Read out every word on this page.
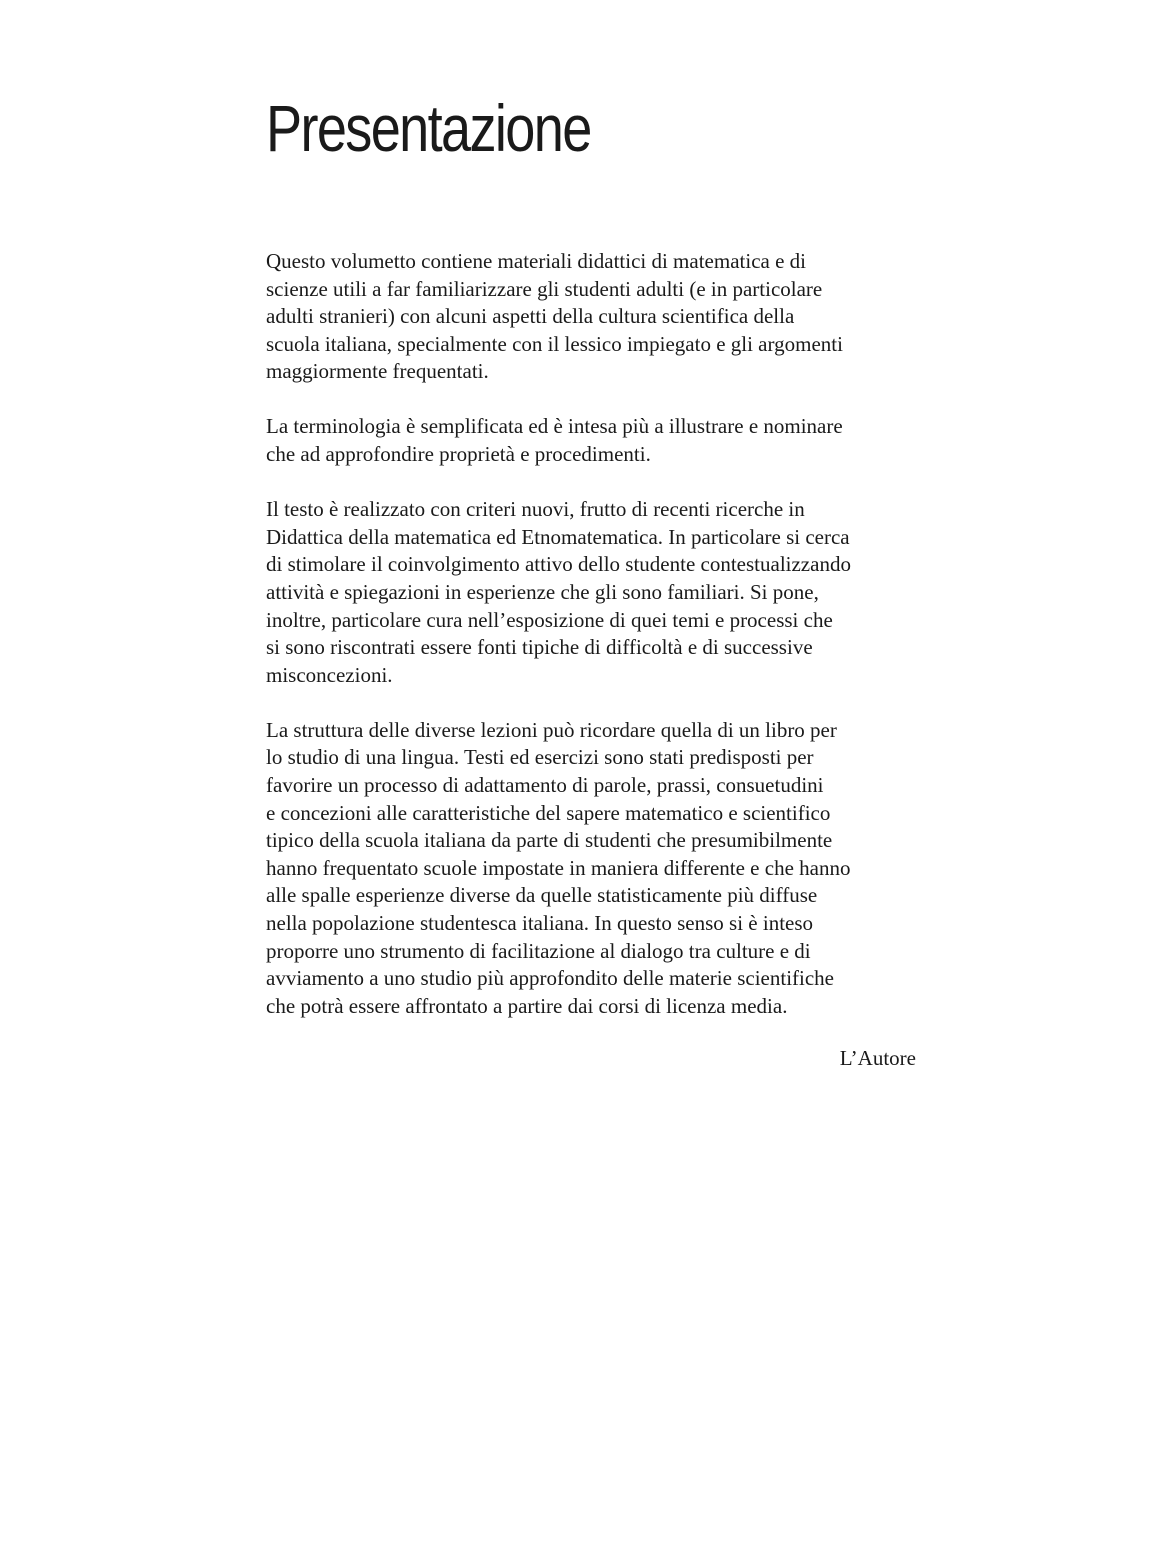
Presentazione

Questo volumetto contiene materiali didattici di matematica e di
scienze utili a far familiarizzare gli studenti adulti (e in particolare
adulti stranieri) con alcuni aspetti della cultura scientifica della
scuola italiana, specialmente con il lessico impiegato e gli argomenti
maggiormente frequentati.

La terminologia è semplificata ed è intesa più a illustrare e nominare
che ad approfondire proprietà e procedimenti.

Il testo è realizzato con criteri nuovi, frutto di recenti ricerche in
Didattica della matematica ed Etnomatematica. In particolare si cerca
di stimolare il coinvolgimento attivo dello studente contestualizzando
attività e spiegazioni in esperienze che gli sono familiari. Si pone,
inoltre, particolare cura nell’esposizione di quei temi e processi che
si sono riscontrati essere fonti tipiche di difficoltà e di successive
misconcezioni.

La struttura delle diverse lezioni può ricordare quella di un libro per
lo studio di una lingua. Testi ed esercizi sono stati predisposti per
favorire un processo di adattamento di parole, prassi, consuetudini
e concezioni alle caratteristiche del sapere matematico e scientifico
tipico della scuola italiana da parte di studenti che presumibilmente
hanno frequentato scuole impostate in maniera differente e che hanno
alle spalle esperienze diverse da quelle statisticamente più diffuse
nella popolazione studentesca italiana. In questo senso si è inteso
proporre uno strumento di facilitazione al dialogo tra culture e di
avviamento a uno studio più approfondito delle materie scientifiche
che potrà essere affrontato a partire dai corsi di licenza media.

L’Autore
